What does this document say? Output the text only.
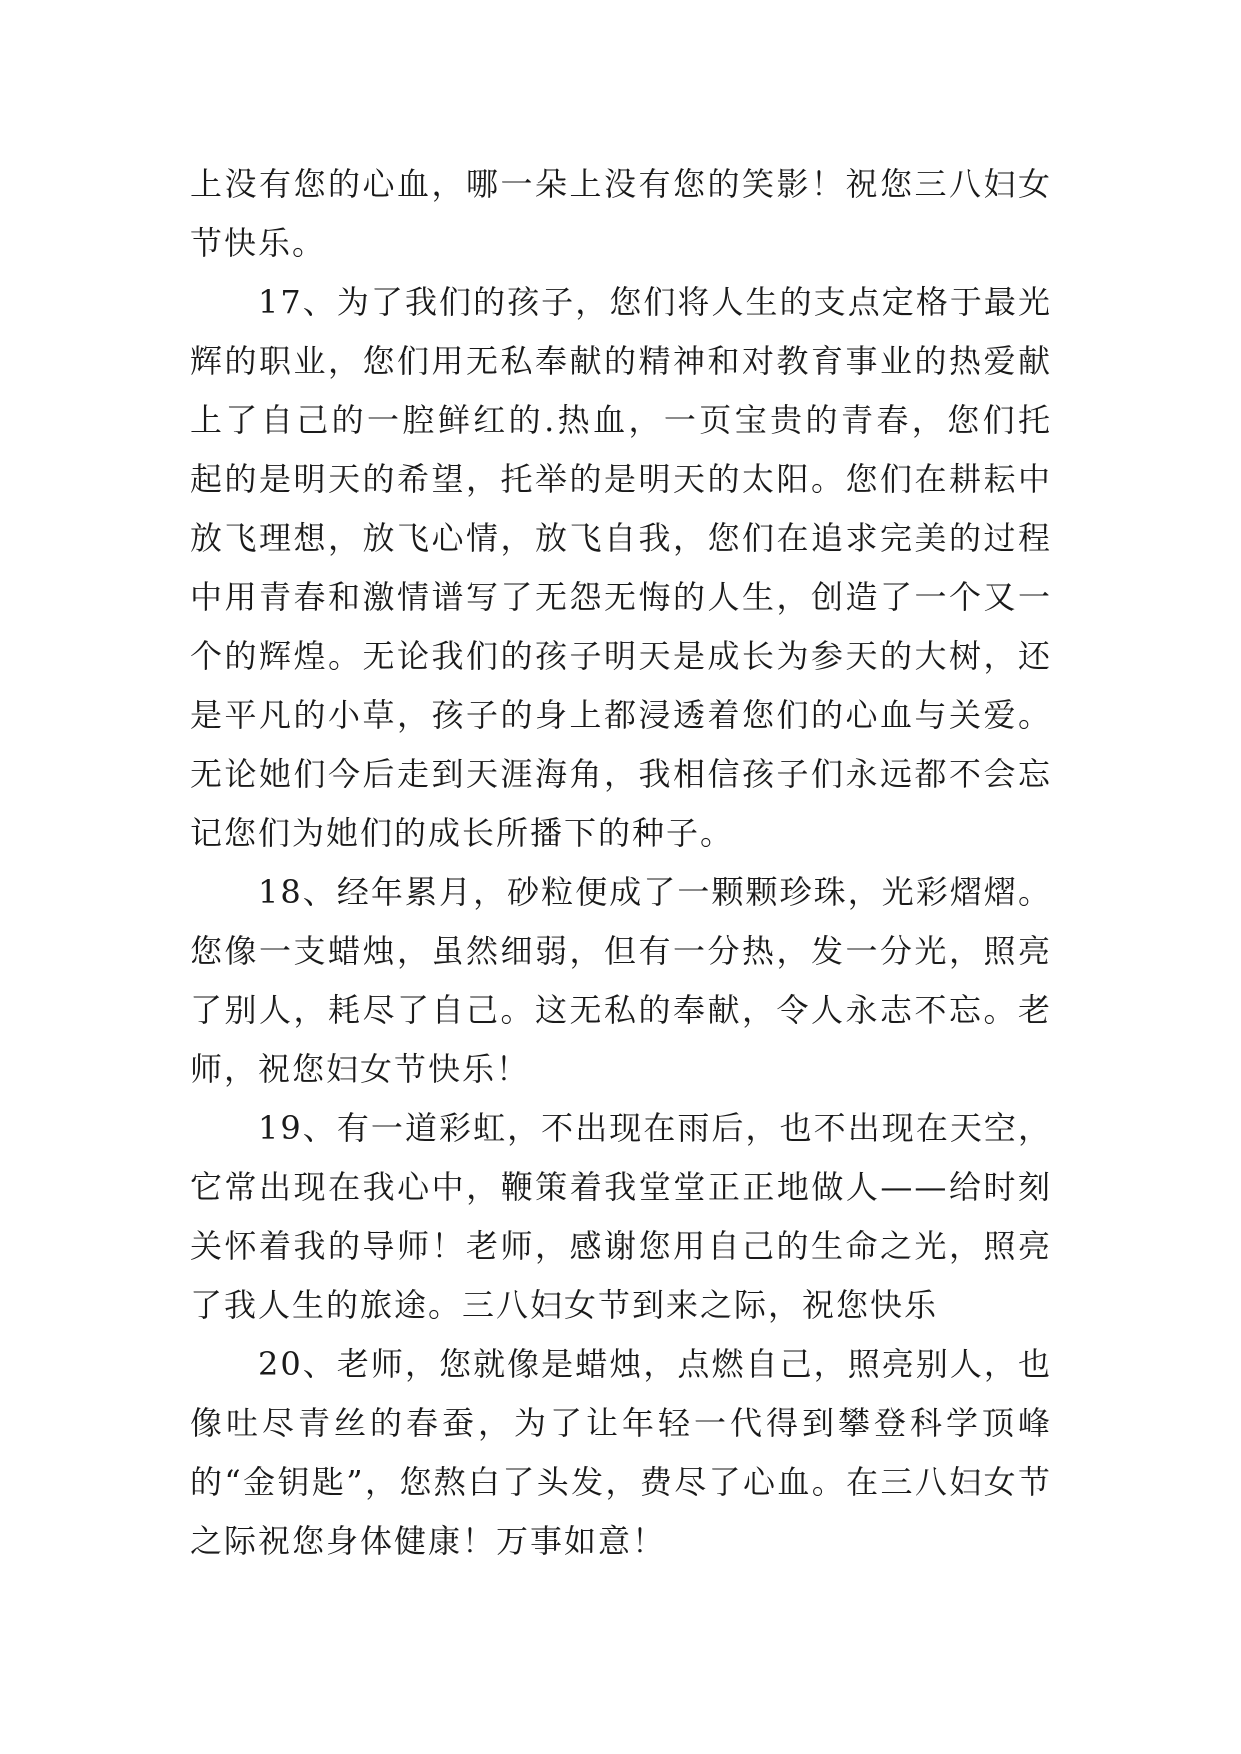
上没有您的心血，哪一朵上没有您的笑影！祝您三八妇女节快乐。

17、为了我们的孩子，您们将人生的支点定格于最光辉的职业，您们用无私奉献的精神和对教育事业的热爱献上了自己的一腔鲜红的.热血，一页宝贵的青春，您们托起的是明天的希望，托举的是明天的太阳。您们在耕耘中放飞理想，放飞心情，放飞自我，您们在追求完美的过程中用青春和激情谱写了无怨无悔的人生，创造了一个又一个的辉煌。无论我们的孩子明天是成长为参天的大树，还是平凡的小草，孩子的身上都浸透着您们的心血与关爱。无论她们今后走到天涯海角，我相信孩子们永远都不会忘记您们为她们的成长所播下的种子。

18、经年累月，砂粒便成了一颗颗珍珠，光彩熠熠。您像一支蜡烛，虽然细弱，但有一分热，发一分光，照亮了别人，耗尽了自己。这无私的奉献，令人永志不忘。老师，祝您妇女节快乐！

19、有一道彩虹，不出现在雨后，也不出现在天空，它常出现在我心中，鞭策着我堂堂正正地做人——给时刻关怀着我的导师！老师，感谢您用自己的生命之光，照亮了我人生的旅途。三八妇女节到来之际，祝您快乐

20、老师，您就像是蜡烛，点燃自己，照亮别人，也像吐尽青丝的春蚕，为了让年轻一代得到攀登科学顶峰的“金钥匙”，您熬白了头发，费尽了心血。在三八妇女节之际祝您身体健康！万事如意！
